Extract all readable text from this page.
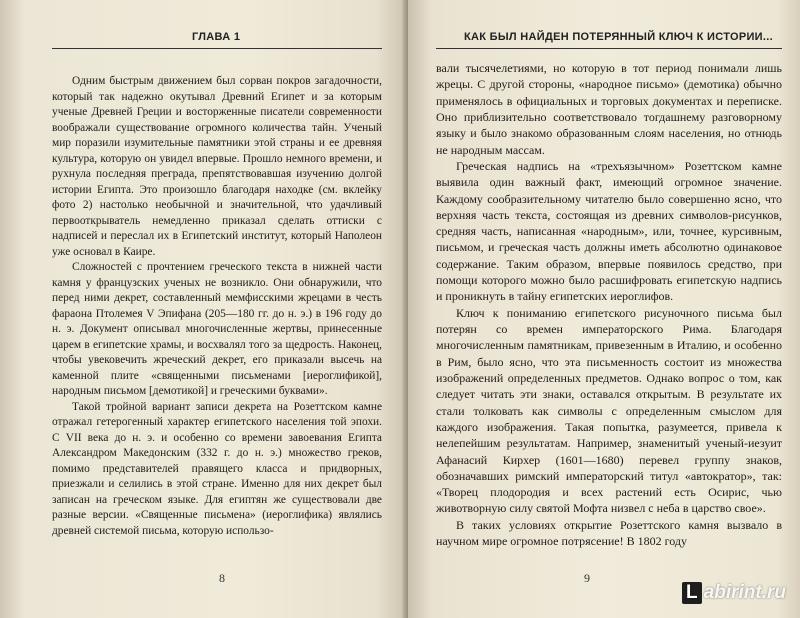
ГЛАВА 1

Одним быстрым движением был сорван покров загадочности, который так надежно окутывал Древний Египет и за которым ученые Древней Греции и восторженные писатели современности воображали существование огромного количества тайн. Ученый мир поразили изумительные памятники этой страны и ее древняя культура, которую он увидел впервые. Прошло немного времени, и рухнула последняя преграда, препятствовавшая изучению долгой истории Египта. Это произошло благодаря находке (см. вклейку фото 2) настолько необычной и значительной, что удачливый первооткрыватель немедленно приказал сделать оттиски с надписей и переслал их в Египетский институт, который Наполеон уже основал в Каире.

Сложностей с прочтением греческого текста в нижней части камня у французских ученых не возникло. Они обнаружили, что перед ними декрет, составленный мемфисскими жрецами в честь фараона Птолемея V Эпифана (205—180 гг. до н. э.) в 196 году до н. э. Документ описывал многочисленные жертвы, принесенные царем в египетские храмы, и восхвалял того за щедрость. Наконец, чтобы увековечить жреческий декрет, его приказали высечь на каменной плите «священными письменами [иероглификой], народным письмом [демотикой] и греческими буквами».

Такой тройной вариант записи декрета на Розеттском камне отражал гетерогенный характер египетского населения той эпохи. С VII века до н. э. и особенно со времени завоевания Египта Александром Македонским (332 г. до н. э.) множество греков, помимо представителей правящего класса и придворных, приезжали и селились в этой стране. Именно для них декрет был записан на греческом языке. Для египтян же существовали две разные версии. «Священные письмена» (иероглифика) являлись древней системой письма, которую использо-

8
КАК БЫЛ НАЙДЕН ПОТЕРЯННЫЙ КЛЮЧ К ИСТОРИИ...

вали тысячелетиями, но которую в тот период понимали лишь жрецы. С другой стороны, «народное письмо» (демотика) обычно применялось в официальных и торговых документах и переписке. Оно приблизительно соответствовало тогдашнему разговорному языку и было знакомо образованным слоям населения, но отнюдь не народным массам.

Греческая надпись на «трехъязычном» Розеттском камне выявила один важный факт, имеющий огромное значение. Каждому сообразительному читателю было совершенно ясно, что верхняя часть текста, состоящая из древних символов-рисунков, средняя часть, написанная «народным», или, точнее, курсивным, письмом, и греческая часть должны иметь абсолютно одинаковое содержание. Таким образом, впервые появилось средство, при помощи которого можно было расшифровать египетскую надпись и проникнуть в тайну египетских иероглифов.

Ключ к пониманию египетского рисуночного письма был потерян со времен императорского Рима. Благодаря многочисленным памятникам, привезенным в Италию, и особенно в Рим, было ясно, что эта письменность состоит из множества изображений определенных предметов. Однако вопрос о том, как следует читать эти знаки, оставался открытым. В результате их стали толковать как символы с определенным смыслом для каждого изображения. Такая попытка, разумеется, привела к нелепейшим результатам. Например, знаменитый ученый-иезуит Афанасий Кирхер (1601—1680) перевел группу знаков, обозначавших римский императорский титул «автократор», так: «Творец плодородия и всех растений есть Осирис, чью животворную силу святой Мофта низвел с неба в царство свое».

В таких условиях открытие Розеттского камня вызвало в научном мире огромное потрясение! В 1802 году

9
L abirint.ru
